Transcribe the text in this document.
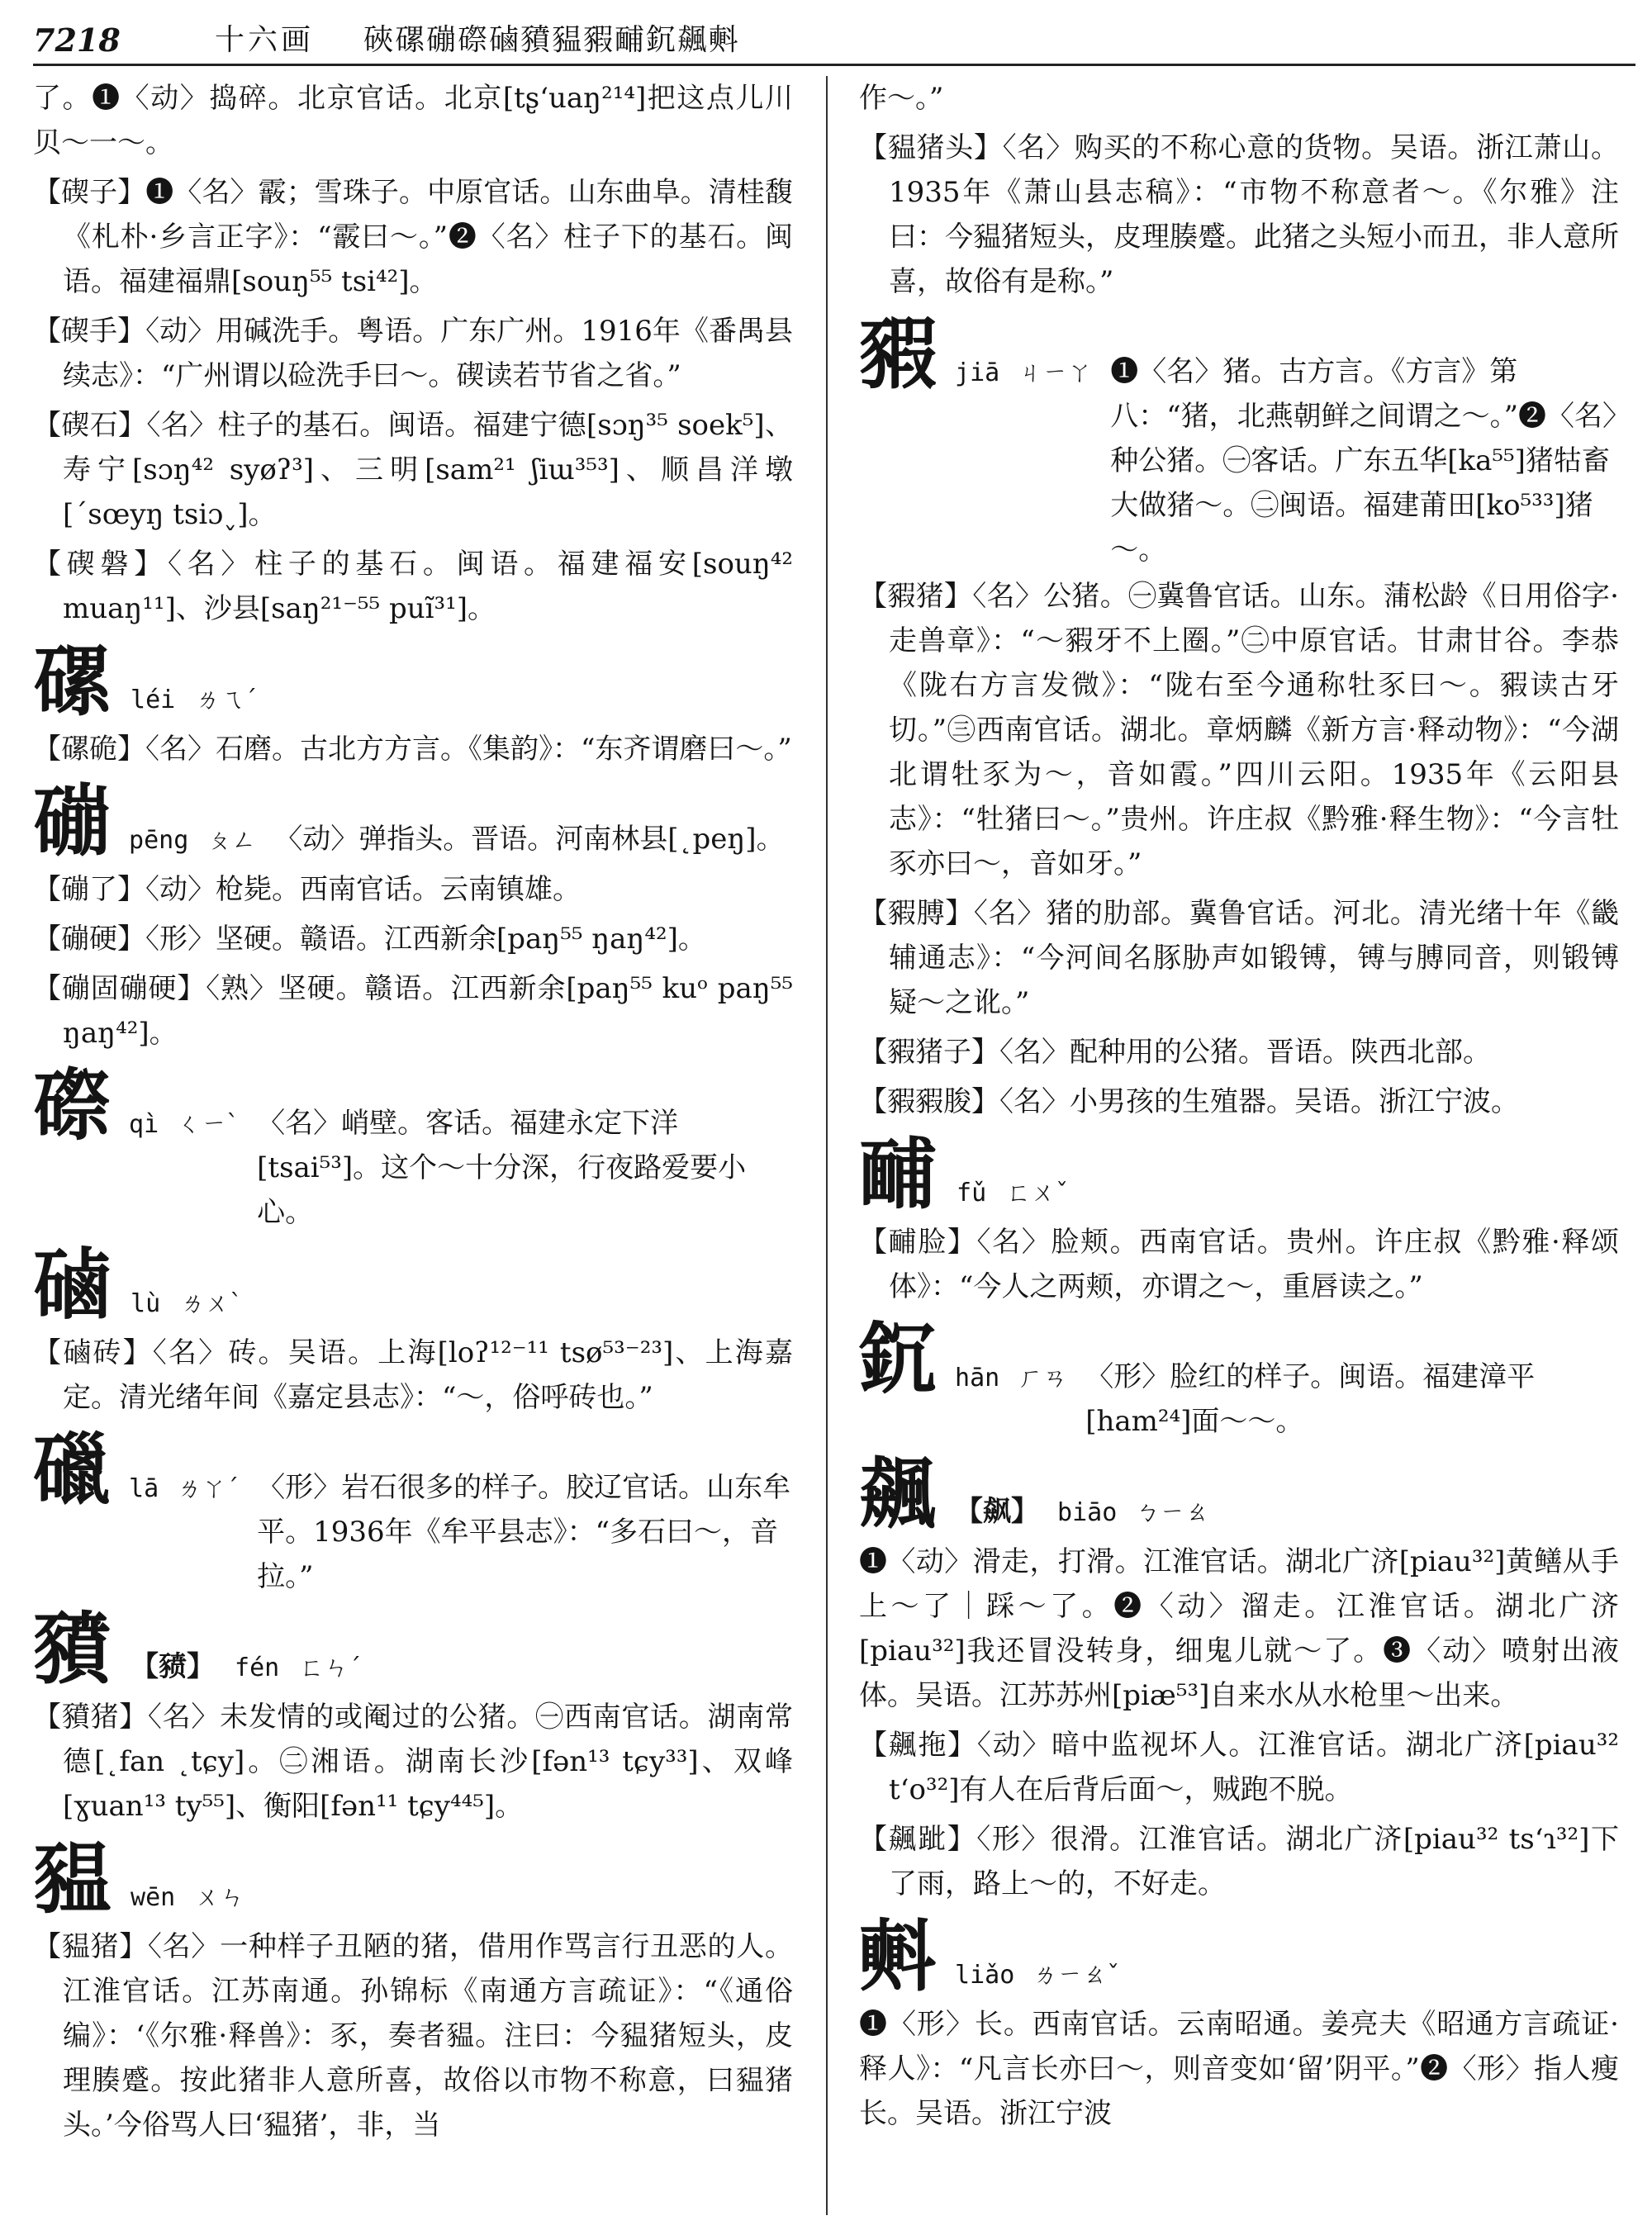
7218	十六画 硤磥磞磜磠豶豱豭䩉䤟飆㪺

了。❶〈动〉捣碎。北京官话。北京[tʂʻuaŋ²¹⁴]把这点儿川贝～一～。

【碶子】❶〈名〉霰；雪珠子。中原官话。山东曲阜。清桂馥《札朴·乡言正字》：“霰曰～。”❷〈名〉柱子下的基石。闽语。福建福鼎[souŋ⁵⁵ tsi⁴²]。

【碶手】〈动〉用碱洗手。粤语。广东广州。1916年《番禺县续志》：“广州谓以硷洗手曰～。碶读若节省之省。”

【碶石】〈名〉柱子的基石。闽语。福建宁德[sɔŋ³⁵ soek⁵]、寿宁[sɔŋ⁴² syøʔ³]、三明[sam²¹ ʃiɯ³⁵³]、顺昌洋墩[ˊsœyŋ tsiɔ˯]。

【碶磐】〈名〉柱子的基石。闽语。福建福安[souŋ⁴² muaŋ¹¹]、沙县[saŋ²¹⁻⁵⁵ puĩ³¹]。

磥 léi ㄌㄟˊ

【磥硊】〈名〉石磨。古北方方言。《集韵》：“东齐谓磨曰～。”

磞 pēng ㄆㄥ 〈动〉弹指头。晋语。河南林县[˛peŋ]。

【磞了】〈动〉枪毙。西南官话。云南镇雄。

【磞硬】〈形〉坚硬。赣语。江西新余[paŋ⁵⁵ ŋaŋ⁴²]。

【磞固磞硬】〈熟〉坚硬。赣语。江西新余[paŋ⁵⁵ kuᵒ paŋ⁵⁵ ŋaŋ⁴²]。

磜 qì ㄑㄧˋ 〈名〉峭壁。客话。福建永定下洋[tsai⁵³]。这个～十分深，行夜路爱要小心。
磠 lù ㄌㄨˋ

【磠砖】〈名〉砖。吴语。上海[loʔ¹²⁻¹¹ tsø⁵³⁻²³]、上海嘉定。清光绪年间《嘉定县志》：“～，俗呼砖也。”

䃳 lā ㄌㄚˊ 〈形〉岩石很多的样子。胶辽官话。山东牟平。1936年《牟平县志》：“多石曰～，音拉。”
豶 【豮】 fén ㄈㄣˊ

【豶猪】〈名〉未发情的或阉过的公猪。㊀西南官话。湖南常德[˛fan ˛tɕy]。㊁湘语。湖南长沙[fən¹³ tɕy³³]、双峰[ɣuan¹³ ty⁵⁵]、衡阳[fən¹¹ tɕy⁴⁴⁵]。

豱 wēn ㄨㄣ

【豱猪】〈名〉一种样子丑陋的猪，借用作骂言行丑恶的人。江淮官话。江苏南通。孙锦标《南通方言疏证》：“《通俗编》：‘《尔雅·释兽》：豕，奏者豱。注曰：今豱猪短头，皮理腠蹙。按此猪非人意所喜，故俗以市物不称意，曰豱猪头。’今俗骂人曰‘豱猪’，非，当

作～。”

【豱猪头】〈名〉购买的不称心意的货物。吴语。浙江萧山。1935年《萧山县志稿》：“市物不称意者～。《尔雅》注曰：今豱猪短头，皮理腠蹙。此猪之头短小而丑，非人意所喜，故俗有是称。”

豭 jiā ㄐㄧㄚ ❶〈名〉猪。古方言。《方言》第八：“猪，北燕朝鲜之间谓之～。”❷〈名〉种公猪。㊀客话。广东五华[ka⁵⁵]猪牯畜大做猪～。㊁闽语。福建莆田[ko⁵³³]猪～。

【豭猪】〈名〉公猪。㊀冀鲁官话。山东。蒲松龄《日用俗字·走兽章》：“～豭牙不上圈。”㊁中原官话。甘肃甘谷。李恭《陇右方言发微》：“陇右至今通称牡豕曰～。豭读古牙切。”㊂西南官话。湖北。章炳麟《新方言·释动物》：“今湖北谓牡豕为～，音如霞。”四川云阳。1935年《云阳县志》：“牡猪曰～。”贵州。许庄叔《黔雅·释生物》：“今言牡豕亦曰～，音如牙。”

【豭膊】〈名〉猪的肋部。冀鲁官话。河北。清光绪十年《畿辅通志》：“今河间名豚胁声如锻镈，镈与膊同音，则锻镈疑～之讹。”

【豭猪子】〈名〉配种用的公猪。晋语。陕西北部。

【豭豭朘】〈名〉小男孩的生殖器。吴语。浙江宁波。

䩉 fǔ ㄈㄨˇ

【䩉脸】〈名〉脸颊。西南官话。贵州。许庄叔《黔雅·释颂体》：“今人之两颊，亦谓之～，重唇读之。”

䤟 hān ㄏㄢ 〈形〉脸红的样子。闽语。福建漳平[ham²⁴]面～～。
飆 【飙】 biāo ㄅㄧㄠ

❶〈动〉滑走，打滑。江淮官话。湖北广济[piau³²]黄鳝从手上～了｜踩～了。❷〈动〉溜走。江淮官话。湖北广济[piau³²]我还冒没转身，细鬼儿就～了。❸〈动〉喷射出液体。吴语。江苏苏州[piæ⁵³]自来水从水枪里～出来。

【飆拖】〈动〉暗中监视坏人。江淮官话。湖北广济[piau³² tʻo³²]有人在后背后面～，贼跑不脱。

【飆跐】〈形〉很滑。江淮官话。湖北广济[piau³² tsʻɿ³²]下了雨，路上～的，不好走。

㪺 liǎo ㄌㄧㄠˇ

❶〈形〉长。西南官话。云南昭通。姜亮夫《昭通方言疏证·释人》：“凡言长亦曰～，则音变如‘留’阴平。”❷〈形〉指人瘦长。吴语。浙江宁波
